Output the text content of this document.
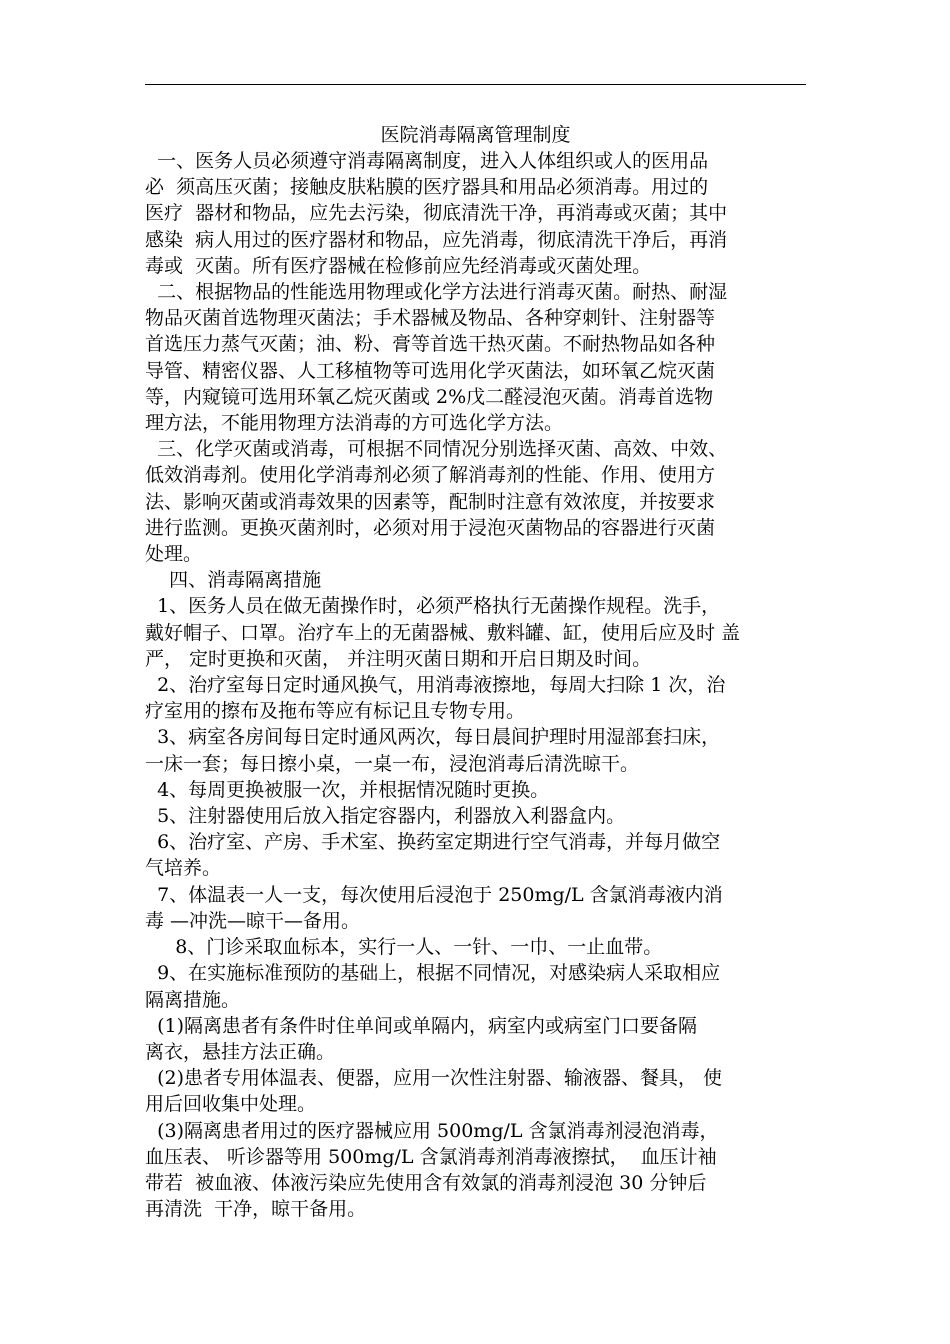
医院消毒隔离管理制度
一、医务人员必须遵守消毒隔离制度，进入人体组织或人的医用品
必  须高压灭菌；接触皮肤粘膜的医疗器具和用品必须消毒。用过的
医疗  器材和物品，应先去污染，彻底清洗干净，再消毒或灭菌；其中
感染  病人用过的医疗器材和物品，应先消毒，彻底清洗干净后，再消
毒或  灭菌。所有医疗器械在检修前应先经消毒或灭菌处理。
二、根据物品的性能选用物理或化学方法进行消毒灭菌。耐热、耐湿
物品灭菌首选物理灭菌法；手术器械及物品、各种穿刺针、注射器等
首选压力蒸气灭菌；油、粉、膏等首选干热灭菌。不耐热物品如各种
导管、精密仪器、人工移植物等可选用化学灭菌法，如环氧乙烷灭菌
等，内窥镜可选用环氧乙烷灭菌或 2%戊二醛浸泡灭菌。消毒首选物
理方法，不能用物理方法消毒的方可选化学方法。
三、化学灭菌或消毒，可根据不同情况分别选择灭菌、高效、中效、
低效消毒剂。使用化学消毒剂必须了解消毒剂的性能、作用、使用方
法、影响灭菌或消毒效果的因素等，配制时注意有效浓度，并按要求
进行监测。更换灭菌剂时，必须对用于浸泡灭菌物品的容器进行灭菌
处理。
四、消毒隔离措施
1、医务人员在做无菌操作时，必须严格执行无菌操作规程。洗手，
戴好帽子、口罩。治疗车上的无菌器械、敷料罐、缸，使用后应及时 盖
严， 定时更换和灭菌， 并注明灭菌日期和开启日期及时间。
2、治疗室每日定时通风换气，用消毒液擦地，每周大扫除 1 次，治
疗室用的擦布及拖布等应有标记且专物专用。
3、病室各房间每日定时通风两次，每日晨间护理时用湿部套扫床，
一床一套；每日擦小桌，一桌一布，浸泡消毒后清洗晾干。
4、每周更换被服一次，并根据情况随时更换。
5、注射器使用后放入指定容器内，利器放入利器盒内。
6、治疗室、产房、手术室、换药室定期进行空气消毒，并每月做空
气培养。
7、体温表一人一支，每次使用后浸泡于 250mg/L 含氯消毒液内消
毒 —冲洗—晾干—备用。
8、门诊采取血标本，实行一人、一针、一巾、一止血带。
9、在实施标准预防的基础上，根据不同情况，对感染病人采取相应
隔离措施。
(1)隔离患者有条件时住单间或单隔内，病室内或病室门口要备隔
离衣，悬挂方法正确。
(2)患者专用体温表、便器，应用一次性注射器、输液器、餐具， 使
用后回收集中处理。
(3)隔离患者用过的医疗器械应用 500mg/L 含氯消毒剂浸泡消毒，
血压表、 听诊器等用 500mg/L 含氯消毒剂消毒液擦拭，  血压计袖
带若  被血液、体液污染应先使用含有效氯的消毒剂浸泡 30 分钟后
再清洗  干净，晾干备用。
